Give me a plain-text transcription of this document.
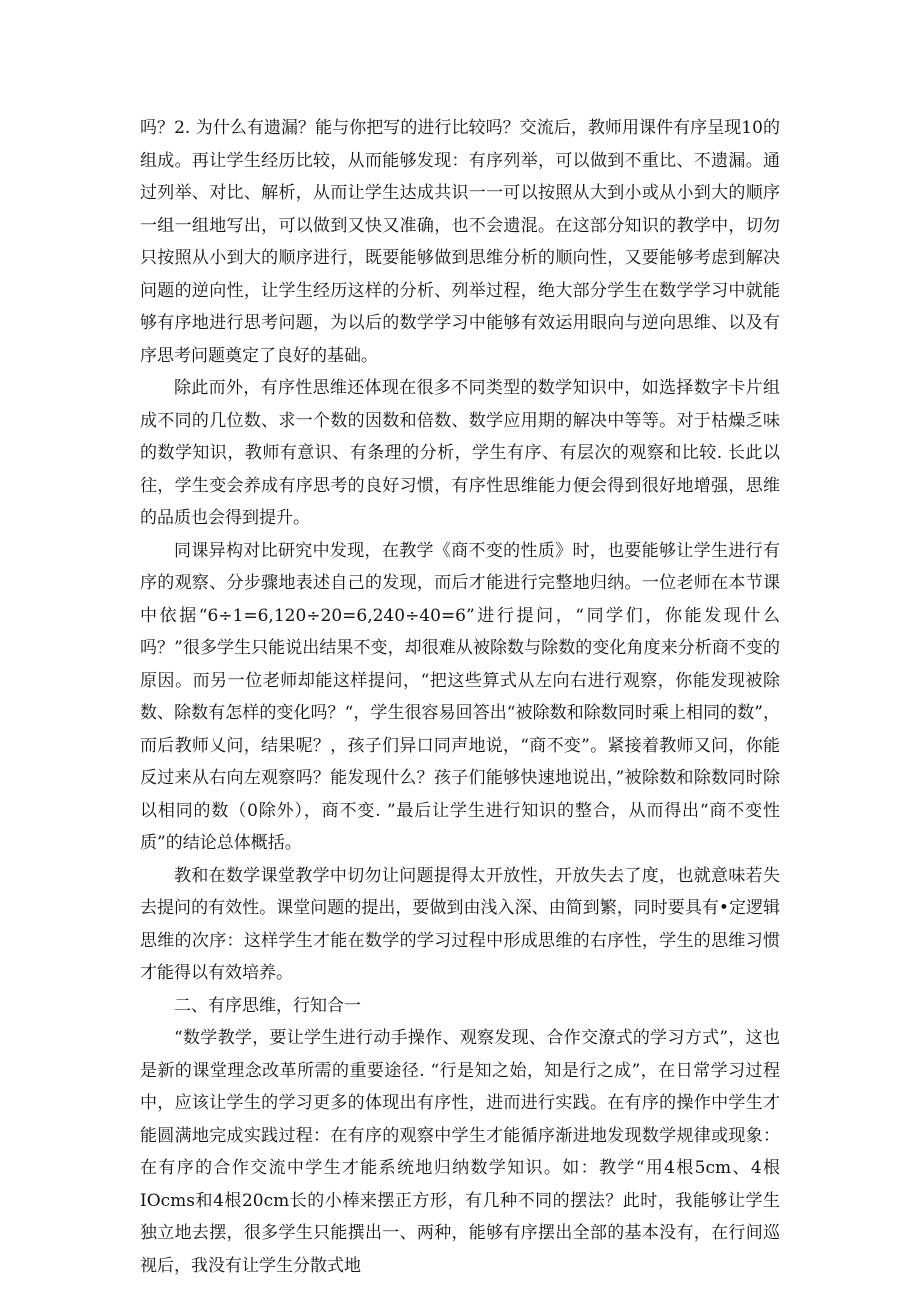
吗？2. 为什么有遗漏？能与你把写的进行比较吗？交流后，教师用课件有序呈现10的组成。再让学生经历比较，从而能够发现：有序列举，可以做到不重比、不遗漏。通过列举、对比、解析，从而让学生达成共识一一可以按照从大到小或从小到大的顺序一组一组地写出，可以做到又快又准确，也不会遗混。在这部分知识的教学中，切勿只按照从小到大的顺序进行，既要能够做到思维分析的顺向性，又要能够考虑到解决问题的逆向性，让学生经历这样的分析、列举过程，绝大部分学生在数学学习中就能够有序地进行思考问题，为以后的数学学习中能够有效运用眼向与逆向思维、以及有序思考问题奠定了良好的基础。

除此而外，有序性思维还体现在很多不同类型的数学知识中，如选择数字卡片组成不同的几位数、求一个数的因数和倍数、数学应用期的解决中等等。对于枯燥乏味的数学知识，教师有意识、有条理的分析，学生有序、有层次的观察和比较. 长此以往，学生变会养成有序思考的良好习惯，有序性思维能力便会得到很好地增强，思维的品质也会得到提升。

同课异构对比研究中发现，在教学《商不变的性质》时，也要能够让学生进行有序的观察、分步骤地表述自己的发现，而后才能进行完整地归纳。一位老师在本节课中依据“6÷1=6,120÷20=6,240÷40=6”进行提问，“同学们，你能发现什么吗？”很多学生只能说出结果不变，却很难从被除数与除数的变化角度来分析商不变的原因。而另一位老师却能这样提问，“把这些算式从左向右进行观察，你能发现被除数、除数有怎样的变化吗？“，学生很容易回答出“被除数和除数同时乘上相同的数”，而后教师乂问，结果呢？，孩子们异口同声地说，“商不变”。紧接着教师又问，你能反过来从右向左观察吗？能发现什么？孩子们能够快速地说出，”被除数和除数同时除以相同的数（0除外），商不变. ”最后让学生进行知识的整合，从而得出“商不变性质”的结论总体概括。

教和在数学课堂教学中切勿让问题提得太开放性，开放失去了度，也就意味若失去提问的有效性。课堂问题的提出，要做到由浅入深、由简到繁，同时要具有•定逻辑思维的次序：这样学生才能在数学的学习过程中形成思维的右序性，学生的思维习惯才能得以有效培养。

二、有序思维，行知合一

“数学教学，要让学生进行动手操作、观察发现、合作交潦式的学习方式”，这也是新的课堂理念改革所需的重要途径. “行是知之始，知是行之成”，在日常学习过程中，应该让学生的学习更多的体现出有序性，进而进行实践。在有序的操作中学生才能圆满地完成实践过程：在有序的观察中学生才能循序渐进地发现数学规律或现象：在有序的合作交流中学生才能系统地归纳数学知识。如：教学“用4根5cm、4根IOcms和4根20cm长的小棒来摆正方形，有几种不同的摆法？此时，我能够让学生独立地去摆，很多学生只能撰出一、两种，能够有序摆出全部的基本没有，在行间巡视后，我没有让学生分散式地
